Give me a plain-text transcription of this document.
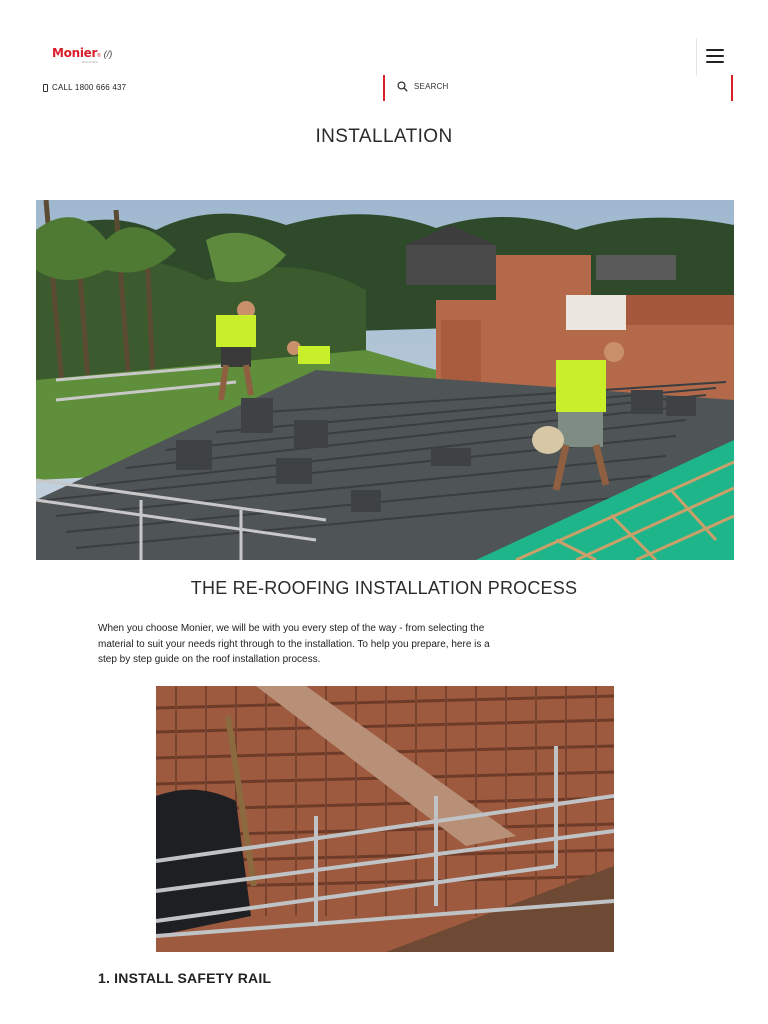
Monier ® (/)
ROOFING
CALL 1800 666 437	SEARCH
INSTALLATION
THE RE-ROOFING INSTALLATION PROCESS

When you choose Monier, we will be with you every step of the way - from selecting the material to suit your needs right through to the installation. To help you prepare, here is a step by step guide on the roof installation process.

1. INSTALL SAFETY RAIL
